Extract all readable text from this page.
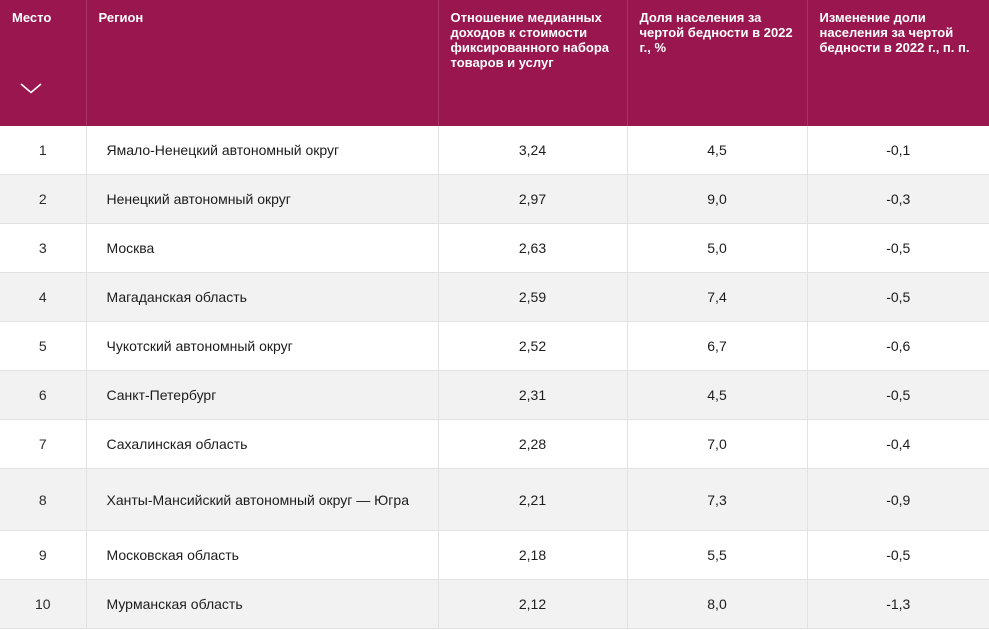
Место	Регион	Отношение медианных доходов к стоимости фиксированного набора товаров и услуг	Доля населения за чертой бедности в 2022 г., %	Изменение доли населения за чертой бедности в 2022 г., п. п.
1	Ямало-Ненецкий автономный округ	3,24	4,5	-0,1
2	Ненецкий автономный округ	2,97	9,0	-0,3
3	Москва	2,63	5,0	-0,5
4	Магаданская область	2,59	7,4	-0,5
5	Чукотский автономный округ	2,52	6,7	-0,6
6	Санкт-Петербург	2,31	4,5	-0,5
7	Сахалинская область	2,28	7,0	-0,4
8	Ханты-Мансийский автономный округ — Югра	2,21	7,3	-0,9
9	Московская область	2,18	5,5	-0,5
10	Мурманская область	2,12	8,0	-1,3
